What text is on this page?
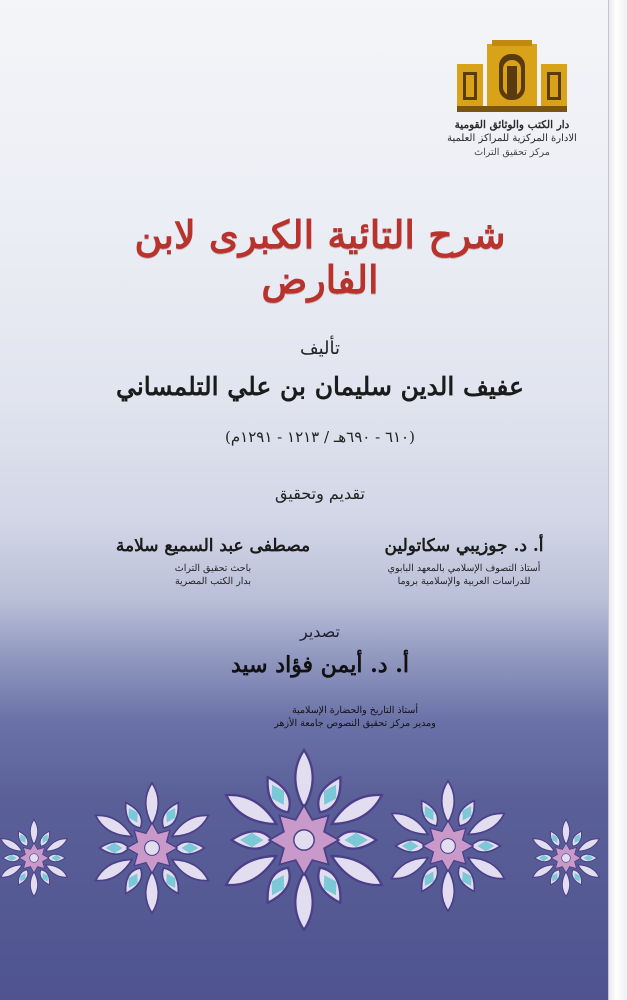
دار الكتب والوثائق القومية
الادارة المركزية للمراكز العلمية
مركز تحقيق التراث
شرح التائية الكبرى لابن الفارض
تأليف
عفيف الدين سليمان بن علي التلمساني
(٦١٠ - ٦٩٠هـ / ١٢١٣ - ١٢٩١م)
تقديم وتحقيق
أ. د. جوزيبي سكاتولين
أستاذ التصوف الإسلامي بالمعهد البابوي
للدراسات العربية والإسلامية بروما
مصطفى عبد السميع سلامة
باحث تحقيق التراث
بدار الكتب المصرية
تصدير
أ. د. أيمن فؤاد سيد
أستاذ التاريخ والحضارة الإسلامية
ومدير مركز تحقيق النصوص جامعة الأزهر
